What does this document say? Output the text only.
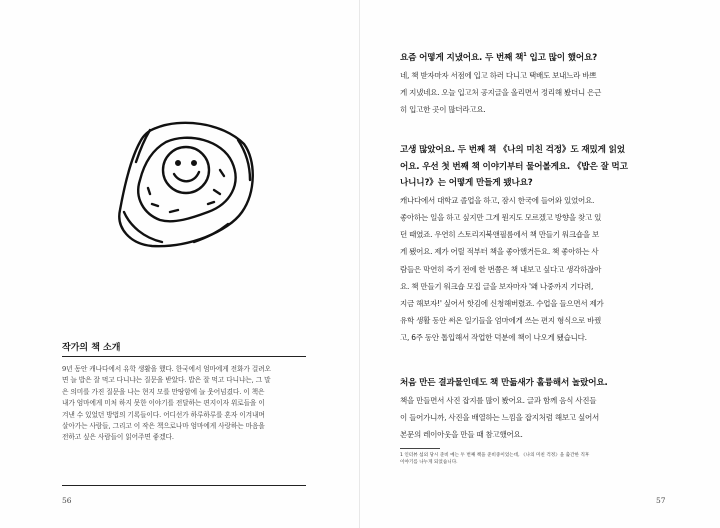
작가의 책 소개
9년 동안 캐나다에서 유학 생활을 했다. 한국에서 엄마에게 전화가 걸려오
면 늘 밥은 잘 먹고 다니냐는 질문을 받았다. 밥은 잘 먹고 다니냐는, 그 말
은 의미를 가진 질문을 나는 현지 모를 만땅함에 늘 웃어넘겼다. 이 책은
내가 엄마에게 미처 하지 못한 이야기를 전달하는 편지이자 위로들을 이
겨낸 수 있었던 방법의 기록들이다. 어디선가 하루하루를 혼자 이겨내며
살아가는 사람들, 그리고 이 작은 책으로나마 엄마에게 사랑하는 마음을
전하고 싶은 사람들이 읽어주면 좋겠다.
56
요즘 어떻게 지냈어요. 두 번째 책$^1$ 입고 많이 했어요?
네, 책 받자마자 서점에 입고 하러 다니고 택배도 보내느라 바쁘
게 지냈네요. 오늘 입고처 공지글을 올리면서 정리해 봤더니 은근
히 입고한 곳이 많더라고요.
고생 많았어요. 두 번째 책 《나의 미친 걱정》도 재밌게 읽었
어요. 우선 첫 번째 책 이야기부터 물어볼게요. 《밥은 잘 먹고
나니니?》는 어떻게 만들게 됐나요?
캐나다에서 대학교 졸업을 하고, 잠시 한국에 들어와 있었어요.
좋아하는 일을 하고 싶지만 그게 뭔지도 모르겠고 방향을 찾고 있
던 때였죠. 우연히 스토리지북앤필름에서 책 만들기 워크숍을 보
게 됐어요. 제가 어릴 적부터 책을 좋아했거든요. 책 좋아하는 사
람들은 막연히 죽기 전에 한 번쯤은 책 내보고 싶다고 생각하잖아
요. 책 만들기 워크숍 모집 글을 보자마자 '왜 나중까지 기다려,
지금 해보자!' 싶어서 핫김에 신청해버렸죠. 수업을 들으면서 제가
유학 생활 동안 써온 일기들을 엄마에게 쓰는 편지 형식으로 바꿨
고, 6주 동안 톱입해서 작업한 덕분에 책이 나오게 됐습니다.
처음 만든 결과물인데도 책 만듦새가 훌륭해서 놀랐어요.
책을 만들면서 사진 잡지를 많이 봤어요. 글과 함께 음식 사진들
이 들어가니까, 사진을 배열하는 느낌을 잡지처럼 해보고 싶어서
본문의 레이아웃을 만들 때 참고했어요.
1 인터뷰 섭외 당시 준비 예는 두 번째 책을 준비중이었는데, 《나의 미친 걱정》을 출간한 직후
이야기를 나누게 되었습니다.
57
